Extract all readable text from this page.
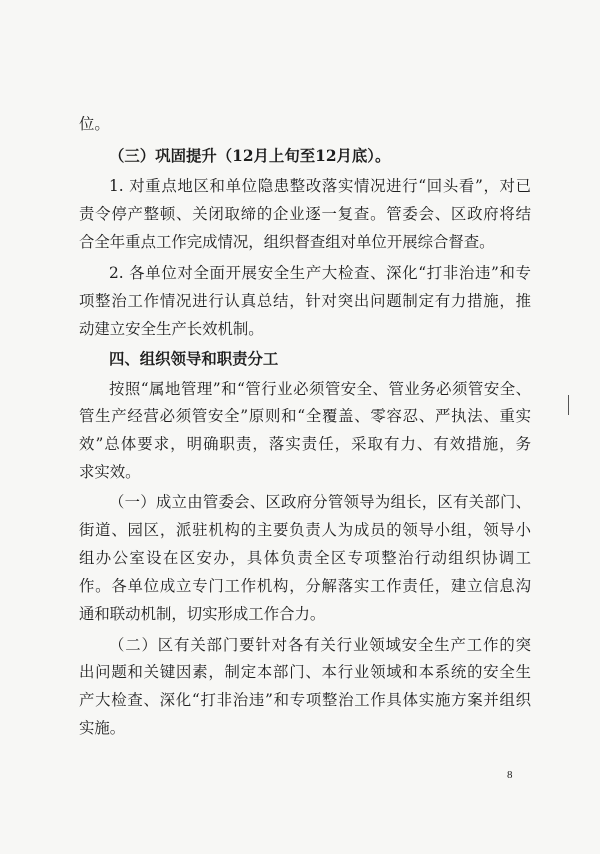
位。
（三）巩固提升（12月上旬至12月底）。
1. 对重点地区和单位隐患整改落实情况进行“回头看”，对已
责令停产整顿、关闭取缔的企业逐一复查。管委会、区政府将结
合全年重点工作完成情况，组织督查组对单位开展综合督查。
2. 各单位对全面开展安全生产大检查、深化“打非治违”和专
项整治工作情况进行认真总结，针对突出问题制定有力措施，推
动建立安全生产长效机制。
四、组织领导和职责分工
按照“属地管理”和“管行业必须管安全、管业务必须管安全、
管生产经营必须管安全”原则和“全覆盖、零容忍、严执法、重实
效”总体要求，明确职责，落实责任，采取有力、有效措施，务
求实效。
（一）成立由管委会、区政府分管领导为组长，区有关部门、
街道、园区，派驻机构的主要负责人为成员的领导小组，领导小
组办公室设在区安办，具体负责全区专项整治行动组织协调工
作。各单位成立专门工作机构，分解落实工作责任，建立信息沟
通和联动机制，切实形成工作合力。
（二）区有关部门要针对各有关行业领域安全生产工作的突
出问题和关键因素，制定本部门、本行业领域和本系统的安全生
产大检查、深化“打非治违”和专项整治工作具体实施方案并组织
实施。
8
